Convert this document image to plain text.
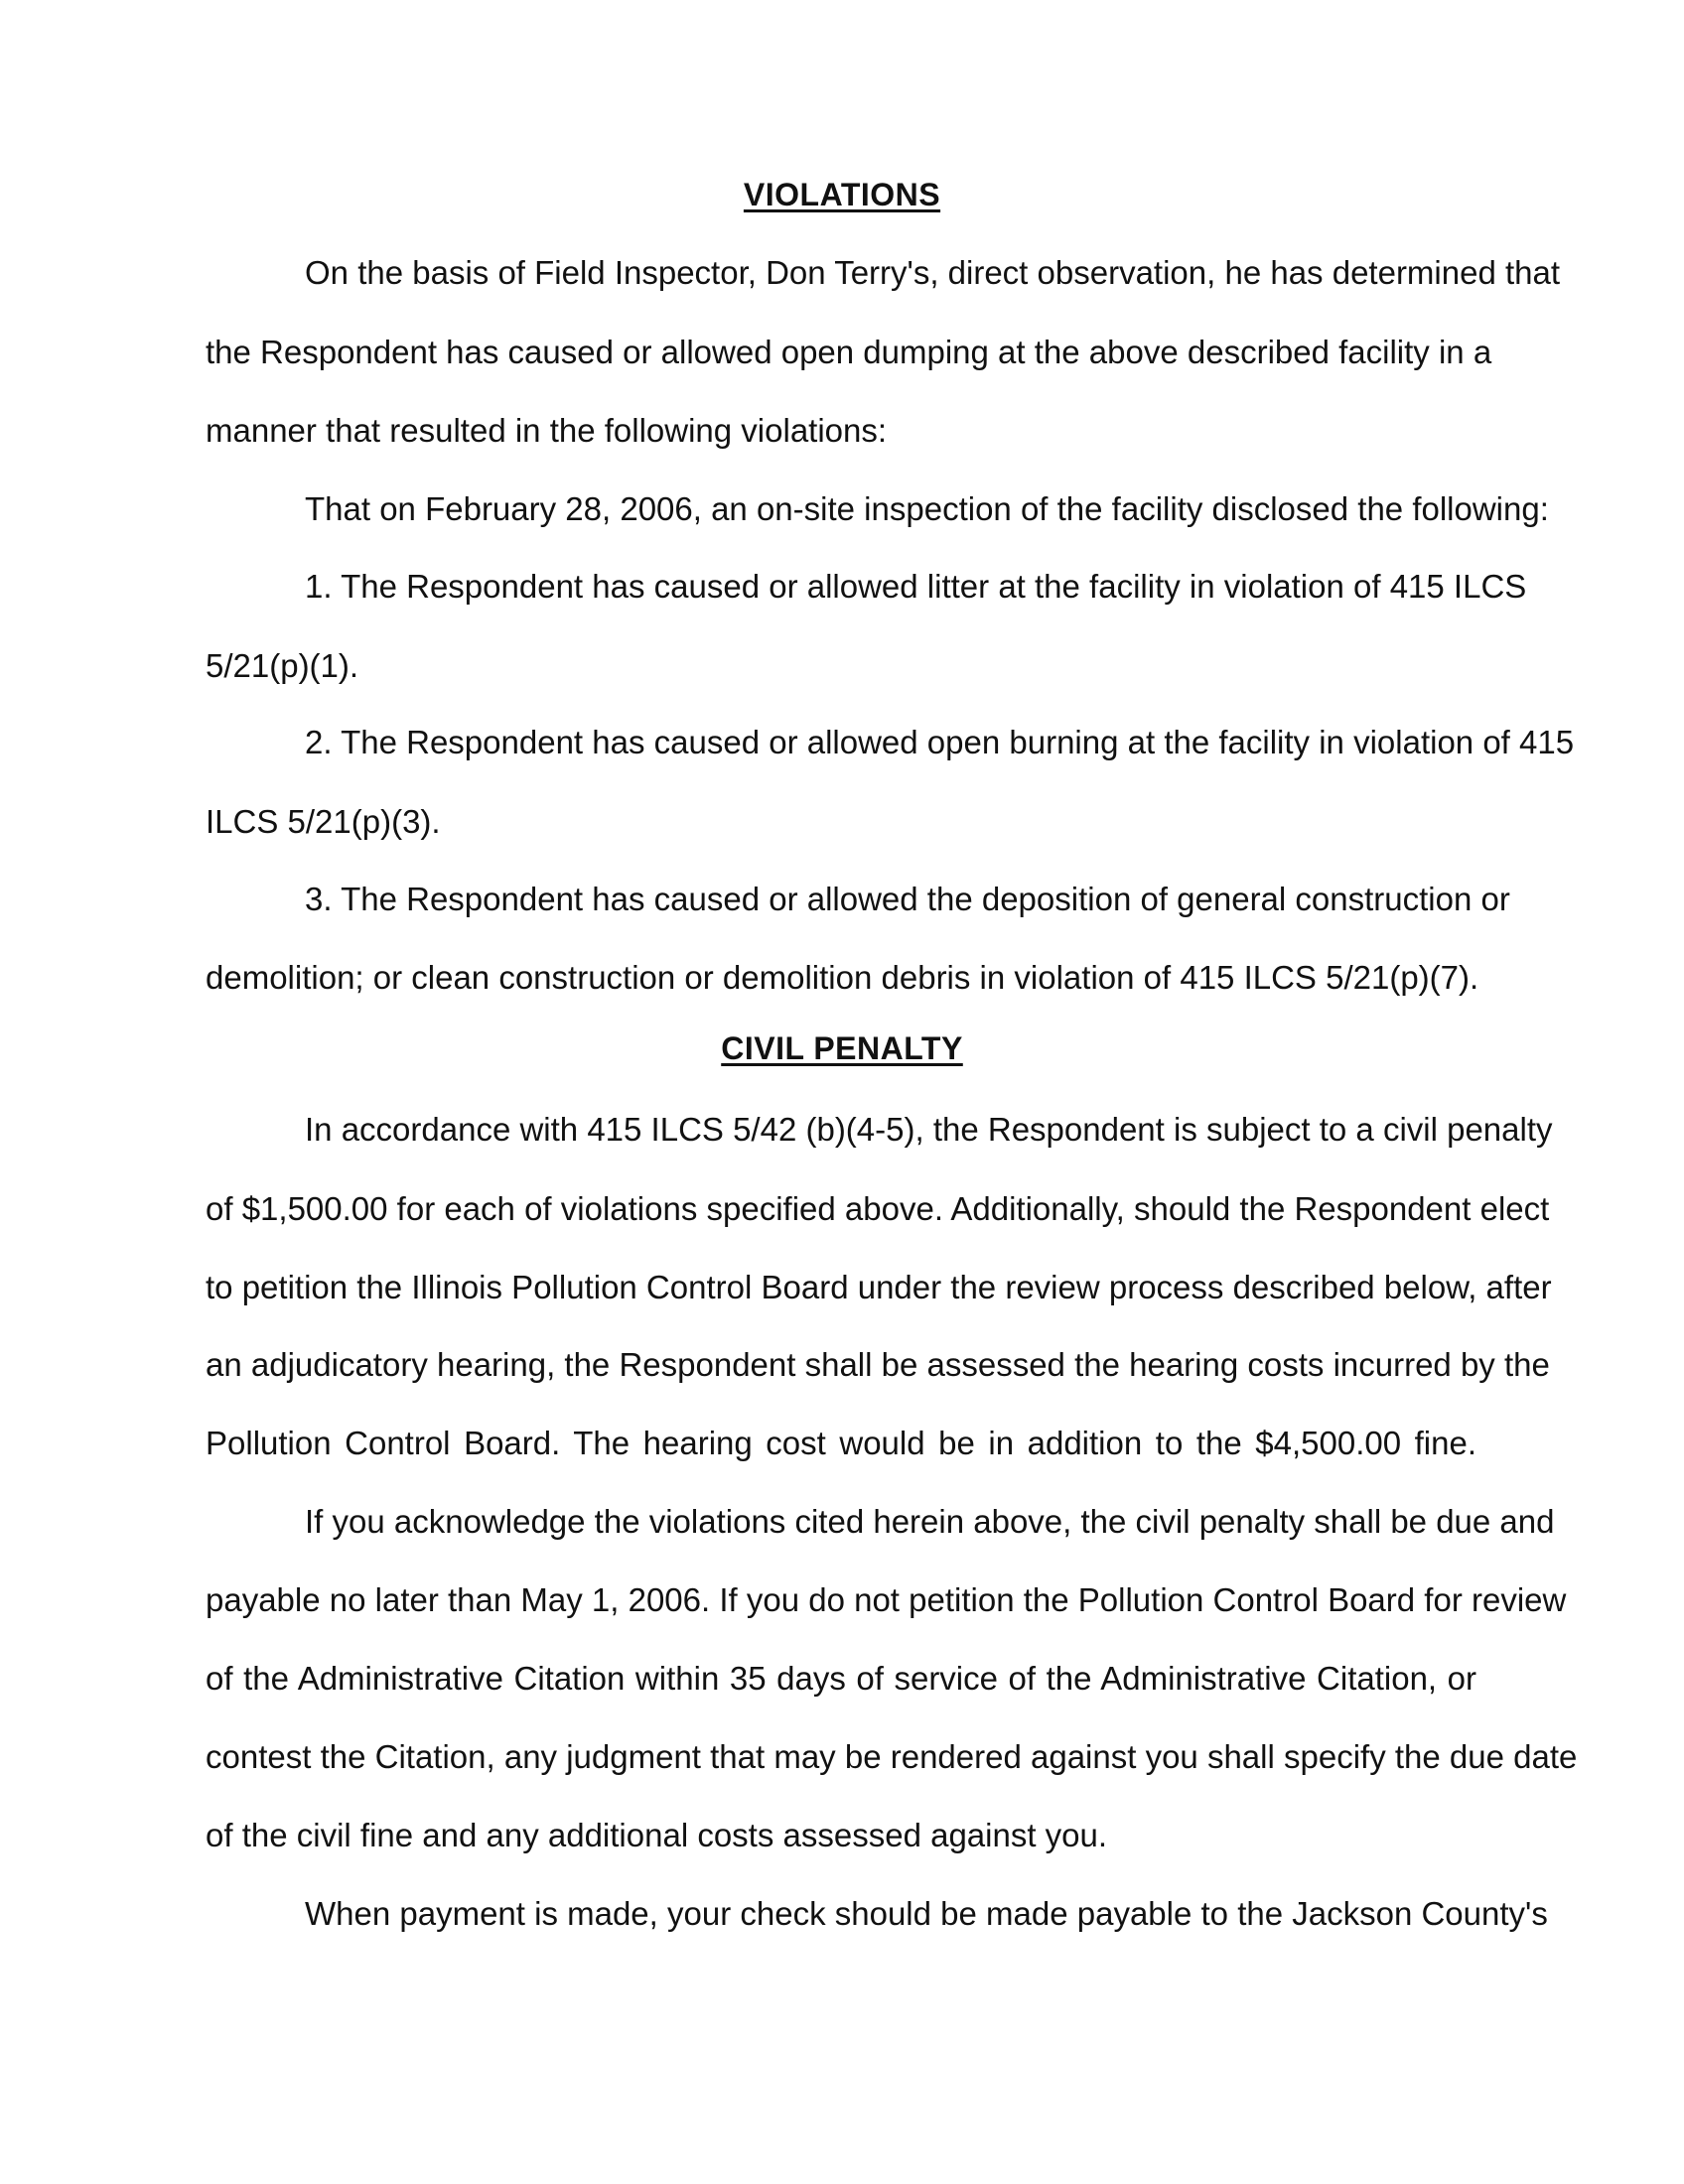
VIOLATIONS
On the basis of Field Inspector, Don Terry's, direct observation, he has determined that
the Respondent has caused or allowed open dumping at the above described facility in a
manner that resulted in the following violations:
That on February 28, 2006, an on-site inspection of the facility disclosed the following:
1. The Respondent has caused or allowed litter at the facility in violation of 415 ILCS
5/21(p)(1).
2. The Respondent has caused or allowed open burning at the facility in violation of 415
ILCS 5/21(p)(3).
3. The Respondent has caused or allowed the deposition of general construction or
demolition; or clean construction or demolition debris in violation of 415 ILCS 5/21(p)(7).
CIVIL PENALTY
In accordance with 415 ILCS 5/42 (b)(4-5), the Respondent is subject to a civil penalty
of $1,500.00 for each of violations specified above. Additionally, should the Respondent elect
to petition the Illinois Pollution Control Board under the review process described below, after
an adjudicatory hearing, the Respondent shall be assessed the hearing costs incurred by the
Pollution Control Board. The hearing cost would be in addition to the $4,500.00 fine.
If you acknowledge the violations cited herein above, the civil penalty shall be due and
payable no later than May 1, 2006. If you do not petition the Pollution Control Board for review
of the Administrative Citation within 35 days of service of the Administrative Citation, or
contest the Citation, any judgment that may be rendered against you shall specify the due date
of the civil fine and any additional costs assessed against you.
When payment is made, your check should be made payable to the Jackson County's
